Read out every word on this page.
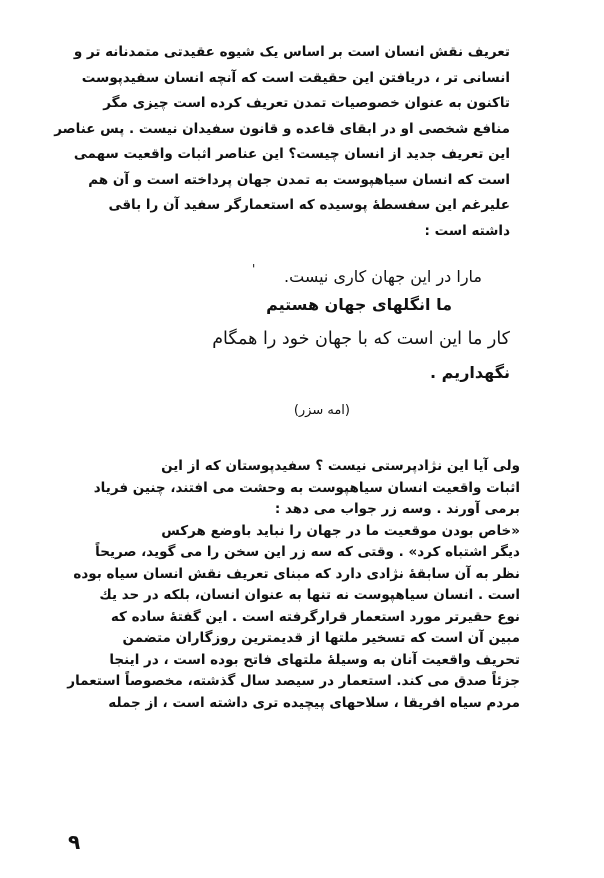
تعریف نقش انسان است بر اساس یک شیوه عقیدتی متمدنانه تر و
انسانی تر ، دریافتن این حقیقت است که آنچه انسان سفیدپوست
تاکنون به عنوان خصوصیات تمدن تعریف کرده است چیزی مگر
منافع شخصی او در ابقای قاعده و قانون سفیدان نیست . پس عناصر
این تعریف جدید از انسان چیست؟ این عناصر اثبات واقعیت سهمی
است که انسان سیاهپوست به تمدن جهان پرداخته است و آن هم
علیرغم این سفسطهٔ پوسیده که استعمارگر سفید آن را باقی
داشته است :
'	مارا در این جهان کاری نیست.
ما انگلهای جهان هستیم
کار ما این است که با جهان خود را همگام
نگهداریم .
(امه سزر)
ولی آیا این نژادپرستی نیست ؟ سفیدپوستان که از این
اثبات واقعیت انسان سیاهپوست به وحشت می افتند، چنین فریاد
برمی آورند . وسه زر جواب می دهد :
«خاص بودن موقعیت ما در جهان را نباید باوضع هرکس
دیگر اشتباه کرد» . وقتی که سه زر این سخن را می گوید، صریحاً
نظر به آن سابقهٔ نژادی دارد که مبنای تعریف نقش انسان سیاه بوده
است . انسان سیاهپوست نه تنها به عنوان انسان، بلکه در حد یك
نوع حقیرتر مورد استعمار قرارگرفته است . این گفتهٔ ساده که
مبین آن است که تسخیر ملتها از قدیمترین روزگاران متضمن
تحریف واقعیت آنان به وسیلهٔ ملتهای فاتح بوده است ، در اینجا
جزئاً صدق می کند. استعمار در سیصد سال گذشته، مخصوصاً استعمار
مردم سیاه افریقا ، سلاحهای پیچیده تری داشته است ، از جمله
۹
